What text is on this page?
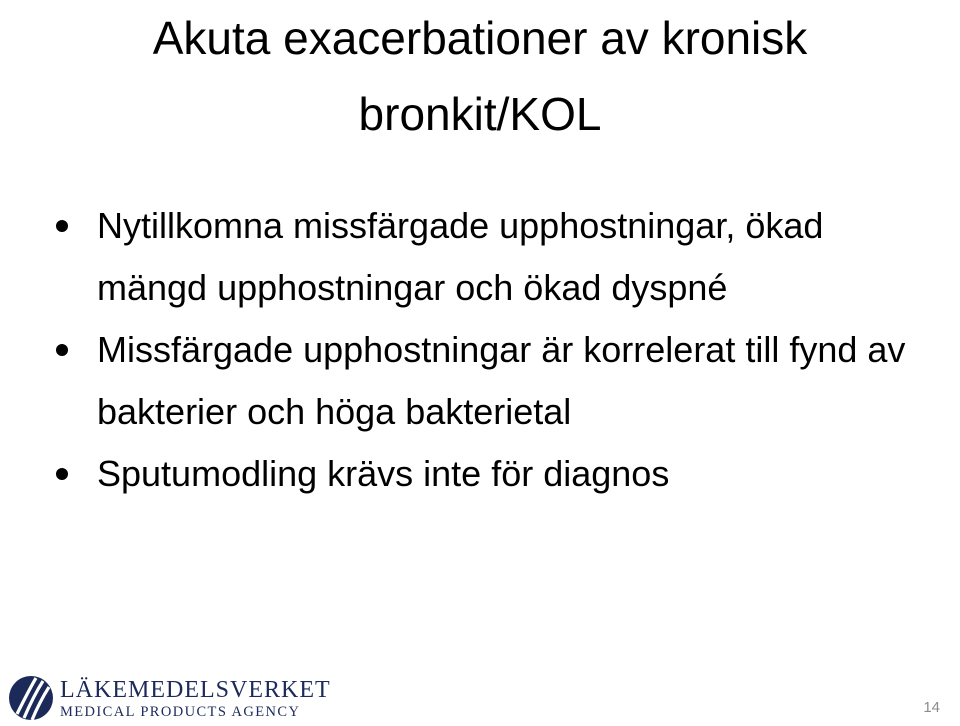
Akuta exacerbationer av kronisk bronkit/KOL
Nytillkomna missfärgade upphostningar, ökad mängd upphostningar och ökad dyspné
Missfärgade upphostningar är korrelerat till fynd av bakterier och höga bakterietal
Sputumodling krävs inte för diagnos
LÄKEMEDELSVERKET
MEDICAL PRODUCTS AGENCY	14
